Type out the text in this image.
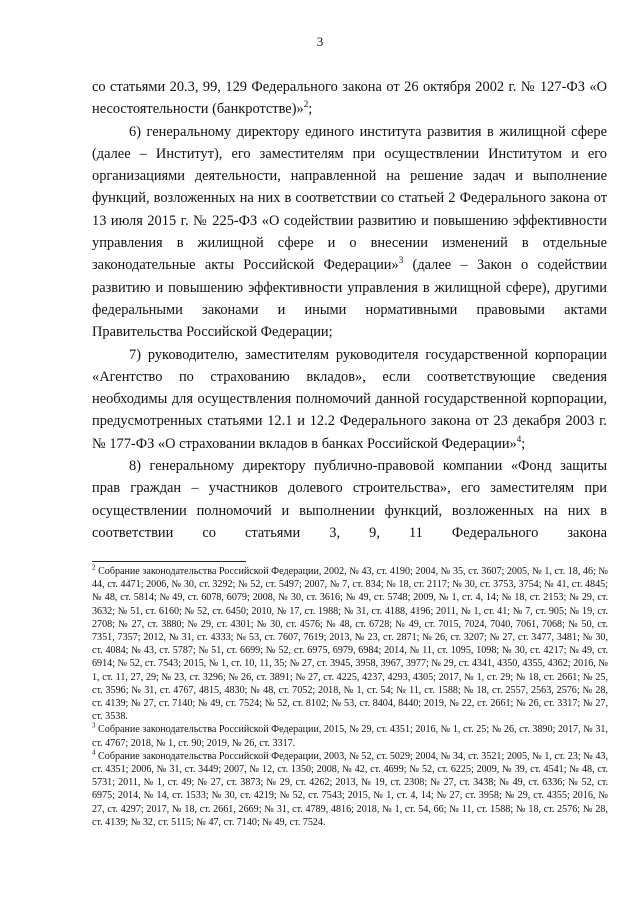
3

со статьями 20.3, 99, 129 Федерального закона от 26 октября 2002 г. № 127-ФЗ «О несостоятельности (банкротстве)»$^2$;

6) генеральному директору единого института развития в жилищной сфере (далее – Институт), его заместителям при осуществлении Институтом и его организациями деятельности, направленной на решение задач и выполнение функций, возложенных на них в соответствии со статьей 2 Федерального закона от 13 июля 2015 г. № 225-ФЗ «О содействии развитию и повышению эффективности управления в жилищной сфере и о внесении изменений в отдельные законодательные акты Российской Федерации»$^3$ (далее – Закон о содействии развитию и повышению эффективности управления в жилищной сфере), другими федеральными законами и иными нормативными правовыми актами Правительства Российской Федерации;

7) руководителю, заместителям руководителя государственной корпорации «Агентство по страхованию вкладов», если соответствующие сведения необходимы для осуществления полномочий данной государственной корпорации, предусмотренных статьями 12.1 и 12.2 Федерального закона от 23 декабря 2003 г. № 177-ФЗ «О страховании вкладов в банках Российской Федерации»$^4$;

8) генеральному директору публично-правовой компании «Фонд защиты прав граждан – участников долевого строительства», его заместителям при осуществлении полномочий и выполнении функций, возложенных на них в соответствии со статьями 3, 9, 11 Федерального закона

$^2$ Собрание законодательства Российской Федерации, 2002, № 43, ст. 4190; 2004, № 35, ст. 3607; 2005, № 1, ст. 18, 46; № 44, ст. 4471; 2006, № 30, ст. 3292; № 52, ст. 5497; 2007, № 7, ст. 834; № 18, ст. 2117; № 30, ст. 3753, 3754; № 41, ст. 4845; № 48, ст. 5814; № 49, ст. 6078, 6079; 2008, № 30, ст. 3616; № 49, ст. 5748; 2009, № 1, ст. 4, 14; № 18, ст. 2153; № 29, ст. 3632; № 51, ст. 6160; № 52, ст. 6450; 2010, № 17, ст. 1988; № 31, ст. 4188, 4196; 2011, № 1, ст. 41; № 7, ст. 905; № 19, ст. 2708; № 27, ст. 3880; № 29, ст. 4301; № 30, ст. 4576; № 48, ст. 6728; № 49, ст. 7015, 7024, 7040, 7061, 7068; № 50, ст. 7351, 7357; 2012, № 31, ст. 4333; № 53, ст. 7607, 7619; 2013, № 23, ст. 2871; № 26, ст. 3207; № 27, ст. 3477, 3481; № 30, ст. 4084; № 43, ст. 5787; № 51, ст. 6699; № 52, ст. 6975, 6979, 6984; 2014, № 11, ст. 1095, 1098; № 30, ст. 4217; № 49, ст. 6914; № 52, ст. 7543; 2015, № 1, ст. 10, 11, 35; № 27, ст. 3945, 3958, 3967, 3977; № 29, ст. 4341, 4350, 4355, 4362; 2016, № 1, ст. 11, 27, 29; № 23, ст. 3296; № 26, ст. 3891; № 27, ст. 4225, 4237, 4293, 4305; 2017, № 1, ст. 29; № 18, ст. 2661; № 25, ст. 3596; № 31, ст. 4767, 4815, 4830; № 48, ст. 7052; 2018, № 1, ст. 54; № 11, ст. 1588; № 18, ст. 2557, 2563, 2576; № 28, ст. 4139; № 27, ст. 7140; № 49, ст. 7524; № 52, ст. 8102; № 53, ст. 8404, 8440; 2019, № 22, ст. 2661; № 26, ст. 3317; № 27, ст. 3538.

$^3$ Собрание законодательства Российской Федерации, 2015, № 29, ст. 4351; 2016, № 1, ст. 25; № 26, ст. 3890; 2017, № 31, ст. 4767; 2018, № 1, ст. 90; 2019, № 26, ст. 3317.

$^4$ Собрание законодательства Российской Федерации, 2003, № 52, ст. 5029; 2004, № 34, ст. 3521; 2005, № 1, ст. 23; № 43, ст. 4351; 2006, № 31, ст. 3449; 2007, № 12, ст. 1350; 2008, № 42, ст. 4699; № 52, ст. 6225; 2009, № 39, ст. 4541; № 48, ст. 5731; 2011, № 1, ст. 49; № 27, ст. 3873; № 29, ст. 4262; 2013, № 19, ст. 2308; № 27, ст. 3438; № 49, ст. 6336; № 52, ст. 6975; 2014, № 14, ст. 1533; № 30, ст. 4219; № 52, ст. 7543; 2015, № 1, ст. 4, 14; № 27, ст. 3958; № 29, ст. 4355; 2016, № 27, ст. 4297; 2017, № 18, ст. 2661, 2669; № 31, ст. 4789, 4816; 2018, № 1, ст. 54, 66; № 11, ст. 1588; № 18, ст. 2576; № 28, ст. 4139; № 32, ст. 5115; № 47, ст. 7140; № 49, ст. 7524.
